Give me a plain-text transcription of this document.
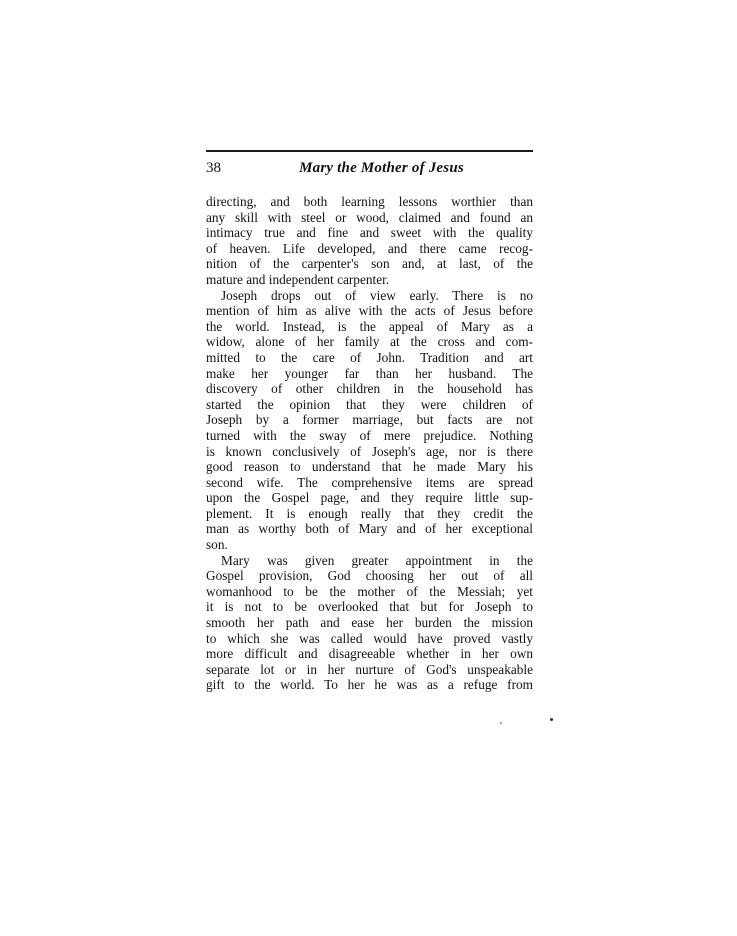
38	Mary the Mother of Jesus
directing, and both learning lessons worthier than
any skill with steel or wood, claimed and found an
intimacy true and fine and sweet with the quality
of heaven. Life developed, and there came recog-
nition of the carpenter's son and, at last, of the
mature and independent carpenter.
Joseph drops out of view early. There is no
mention of him as alive with the acts of Jesus before
the world. Instead, is the appeal of Mary as a
widow, alone of her family at the cross and com-
mitted to the care of John. Tradition and art
make her younger far than her husband. The
discovery of other children in the household has
started the opinion that they were children of
Joseph by a former marriage, but facts are not
turned with the sway of mere prejudice. Nothing
is known conclusively of Joseph's age, nor is there
good reason to understand that he made Mary his
second wife. The comprehensive items are spread
upon the Gospel page, and they require little sup-
plement. It is enough really that they credit the
man as worthy both of Mary and of her exceptional
son.
Mary was given greater appointment in the
Gospel provision, God choosing her out of all
womanhood to be the mother of the Messiah; yet
it is not to be overlooked that but for Joseph to
smooth her path and ease her burden the mission
to which she was called would have proved vastly
more difficult and disagreeable whether in her own
separate lot or in her nurture of God's unspeakable
gift to the world. To her he was as a refuge from
